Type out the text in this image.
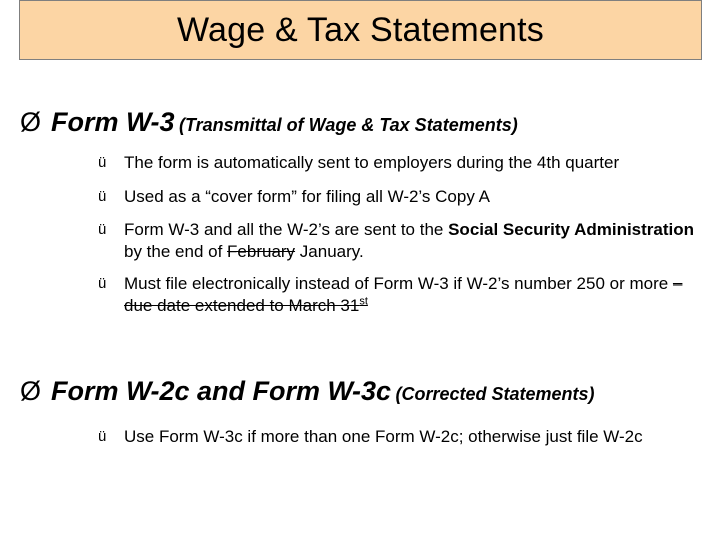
Wage & Tax Statements
Ø Form W-3 (Transmittal of Wage & Tax Statements)
ü The form is automatically sent to employers during the 4th quarter
ü Used as a “cover form” for filing all W-2’s Copy A
ü Form W-3 and all the W-2’s are sent to the Social Security Administration by the end of February January.
ü Must file electronically instead of Form W-3 if W-2’s number 250 or more – due date extended to March 31st
Ø Form W-2c and Form W-3c (Corrected Statements)
ü Use Form W-3c if more than one Form W-2c; otherwise just file W-2c
